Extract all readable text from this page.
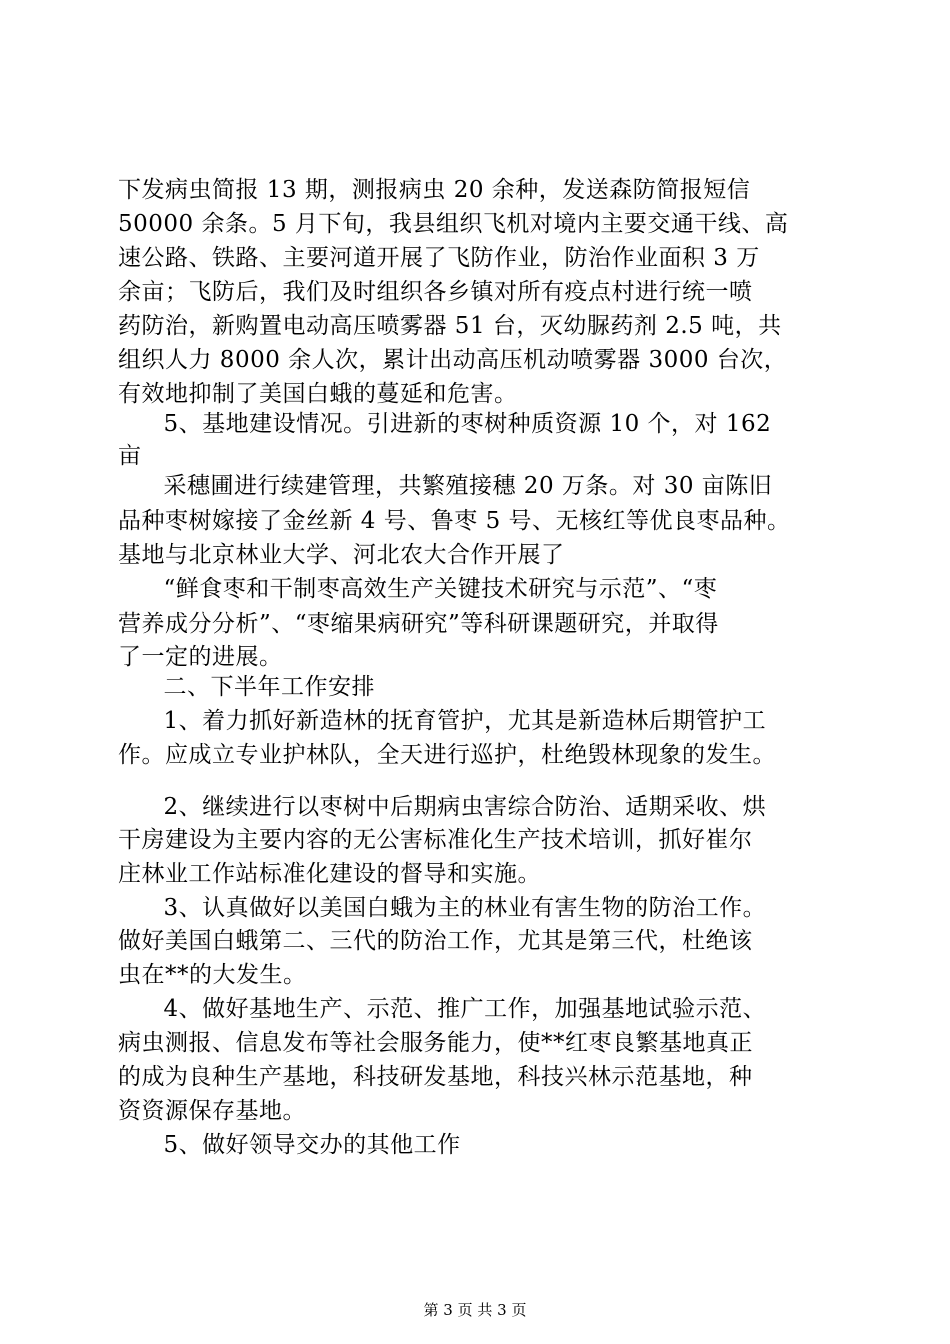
下发病虫简报 13 期，测报病虫 20 余种，发送森防简报短信
50000 余条。5 月下旬，我县组织飞机对境内主要交通干线、高
速公路、铁路、主要河道开展了飞防作业，防治作业面积 3 万
余亩；飞防后，我们及时组织各乡镇对所有疫点村进行统一喷
药防治，新购置电动高压喷雾器 51 台，灭幼脲药剂 2.5 吨，共
组织人力 8000 余人次，累计出动高压机动喷雾器 3000 台次，
有效地抑制了美国白蛾的蔓延和危害。
　5、基地建设情况。引进新的枣树种质资源 10 个，对 162
亩
　采穗圃进行续建管理，共繁殖接穗 20 万条。对 30 亩陈旧
品种枣树嫁接了金丝新 4 号、鲁枣 5 号、无核红等优良枣品种。
基地与北京林业大学、河北农大合作开展了
　“鲜食枣和干制枣高效生产关键技术研究与示范”、“枣
营养成分分析”、“枣缩果病研究”等科研课题研究，并取得
了一定的进展。
　二、下半年工作安排
　1、着力抓好新造林的抚育管护，尤其是新造林后期管护工
作。应成立专业护林队，全天进行巡护，杜绝毁林现象的发生。
　2、继续进行以枣树中后期病虫害综合防治、适期采收、烘
干房建设为主要内容的无公害标准化生产技术培训，抓好崔尔
庄林业工作站标准化建设的督导和实施。
　3、认真做好以美国白蛾为主的林业有害生物的防治工作。
做好美国白蛾第二、三代的防治工作，尤其是第三代，杜绝该
虫在**的大发生。
　4、做好基地生产、示范、推广工作，加强基地试验示范、
病虫测报、信息发布等社会服务能力，使**红枣良繁基地真正
的成为良种生产基地，科技研发基地，科技兴林示范基地，种
资资源保存基地。
　5、做好领导交办的其他工作
第 3 页 共 3 页
